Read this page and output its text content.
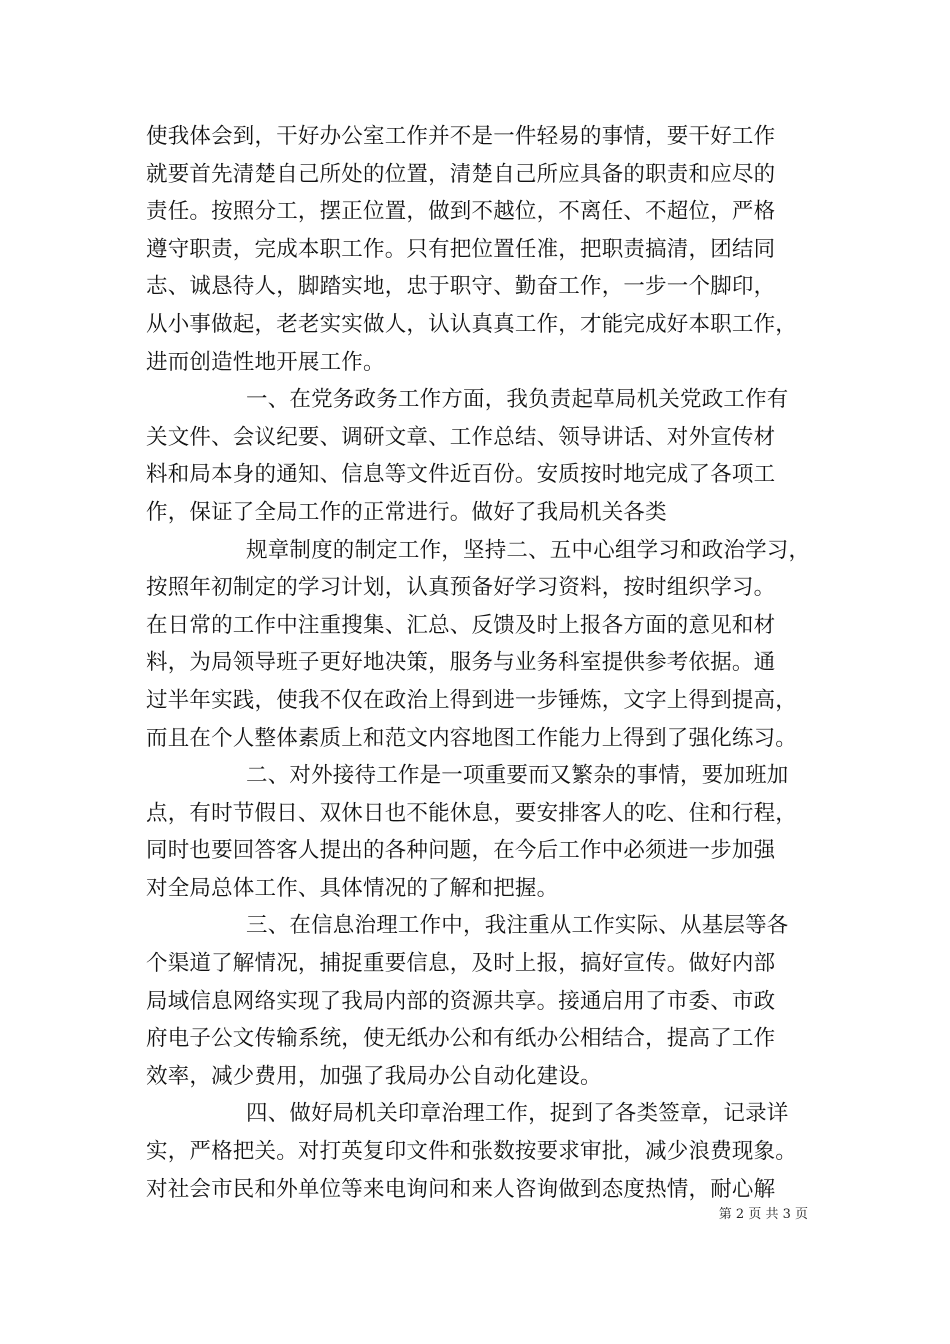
使我体会到，干好办公室工作并不是一件轻易的事情，要干好工作
就要首先清楚自己所处的位置，清楚自己所应具备的职责和应尽的
责任。按照分工，摆正位置，做到不越位，不离任、不超位，严格
遵守职责，完成本职工作。只有把位置任准，把职责搞清，团结同
志、诚恳待人，脚踏实地，忠于职守、勤奋工作，一步一个脚印，
从小事做起，老老实实做人，认认真真工作，才能完成好本职工作，
进而创造性地开展工作。
一、在党务政务工作方面，我负责起草局机关党政工作有
关文件、会议纪要、调研文章、工作总结、领导讲话、对外宣传材
料和局本身的通知、信息等文件近百份。安质按时地完成了各项工
作，保证了全局工作的正常进行。做好了我局机关各类
规章制度的制定工作，坚持二、五中心组学习和政治学习，
按照年初制定的学习计划，认真预备好学习资料，按时组织学习。
在日常的工作中注重搜集、汇总、反馈及时上报各方面的意见和材
料，为局领导班子更好地决策，服务与业务科室提供参考依据。通
过半年实践，使我不仅在政治上得到进一步锤炼，文字上得到提高，
而且在个人整体素质上和范文内容地图工作能力上得到了强化练习。
二、对外接待工作是一项重要而又繁杂的事情，要加班加
点，有时节假日、双休日也不能休息，要安排客人的吃、住和行程，
同时也要回答客人提出的各种问题，在今后工作中必须进一步加强
对全局总体工作、具体情况的了解和把握。
三、在信息治理工作中，我注重从工作实际、从基层等各
个渠道了解情况，捕捉重要信息，及时上报，搞好宣传。做好内部
局域信息网络实现了我局内部的资源共享。接通启用了市委、市政
府电子公文传输系统，使无纸办公和有纸办公相结合，提高了工作
效率，减少费用，加强了我局办公自动化建设。
四、做好局机关印章治理工作，捉到了各类签章，记录详
实，严格把关。对打英复印文件和张数按要求审批，减少浪费现象。
对社会市民和外单位等来电询问和来人咨询做到态度热情，耐心解
第 2 页 共 3 页
